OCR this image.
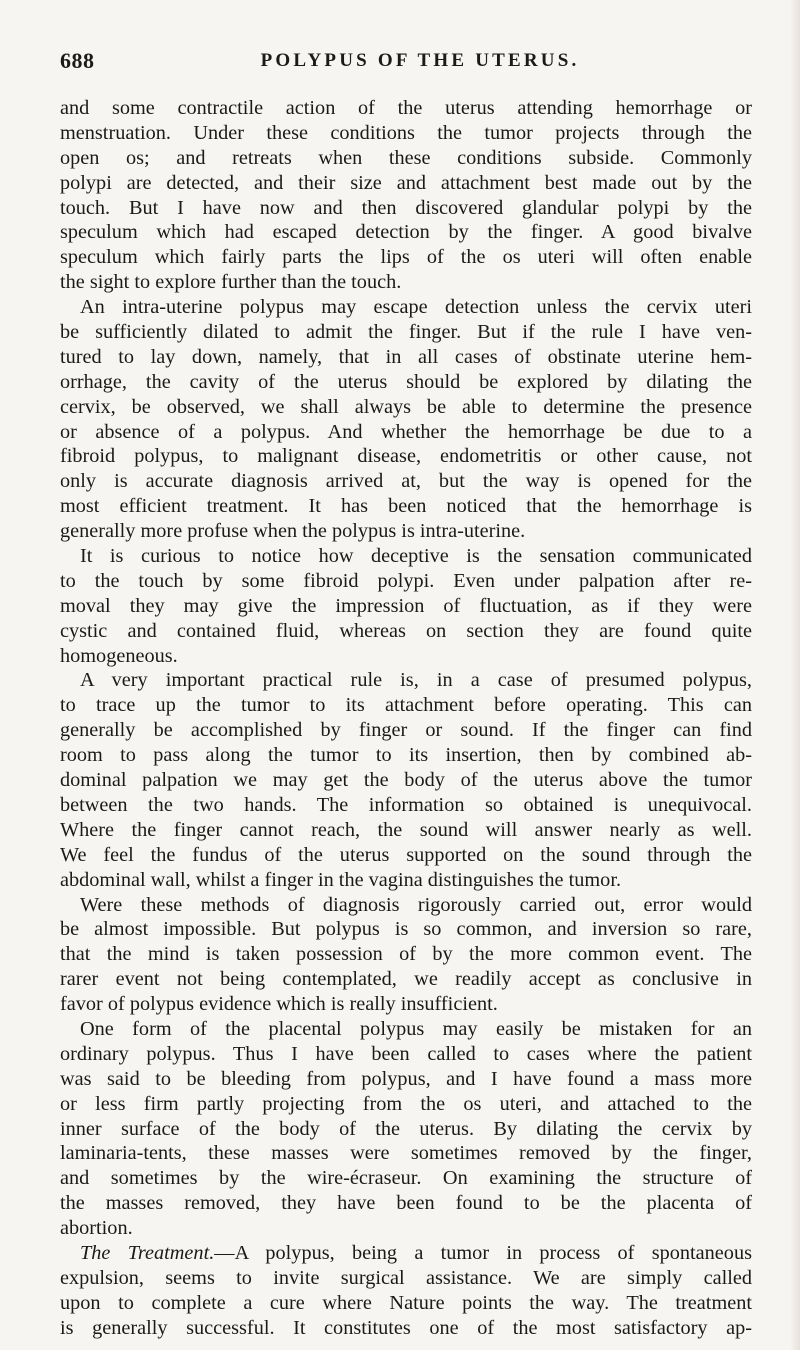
688	POLYPUS OF THE UTERUS.
and some contractile action of the uterus attending hemorrhage or
menstruation. Under these conditions the tumor projects through the
open os; and retreats when these conditions subside. Commonly
polypi are detected, and their size and attachment best made out by the
touch. But I have now and then discovered glandular polypi by the
speculum which had escaped detection by the finger. A good bivalve
speculum which fairly parts the lips of the os uteri will often enable
the sight to explore further than the touch.
An intra-uterine polypus may escape detection unless the cervix uteri
be sufficiently dilated to admit the finger. But if the rule I have ven-
tured to lay down, namely, that in all cases of obstinate uterine hem-
orrhage, the cavity of the uterus should be explored by dilating the
cervix, be observed, we shall always be able to determine the presence
or absence of a polypus. And whether the hemorrhage be due to a
fibroid polypus, to malignant disease, endometritis or other cause, not
only is accurate diagnosis arrived at, but the way is opened for the
most efficient treatment. It has been noticed that the hemorrhage is
generally more profuse when the polypus is intra-uterine.
It is curious to notice how deceptive is the sensation communicated
to the touch by some fibroid polypi. Even under palpation after re-
moval they may give the impression of fluctuation, as if they were
cystic and contained fluid, whereas on section they are found quite
homogeneous.
A very important practical rule is, in a case of presumed polypus,
to trace up the tumor to its attachment before operating. This can
generally be accomplished by finger or sound. If the finger can find
room to pass along the tumor to its insertion, then by combined ab-
dominal palpation we may get the body of the uterus above the tumor
between the two hands. The information so obtained is unequivocal.
Where the finger cannot reach, the sound will answer nearly as well.
We feel the fundus of the uterus supported on the sound through the
abdominal wall, whilst a finger in the vagina distinguishes the tumor.
Were these methods of diagnosis rigorously carried out, error would
be almost impossible. But polypus is so common, and inversion so rare,
that the mind is taken possession of by the more common event. The
rarer event not being contemplated, we readily accept as conclusive in
favor of polypus evidence which is really insufficient.
One form of the placental polypus may easily be mistaken for an
ordinary polypus. Thus I have been called to cases where the patient
was said to be bleeding from polypus, and I have found a mass more
or less firm partly projecting from the os uteri, and attached to the
inner surface of the body of the uterus. By dilating the cervix by
laminaria-tents, these masses were sometimes removed by the finger,
and sometimes by the wire-écraseur. On examining the structure of
the masses removed, they have been found to be the placenta of
abortion.
The Treatment.—A polypus, being a tumor in process of spontaneous
expulsion, seems to invite surgical assistance. We are simply called
upon to complete a cure where Nature points the way. The treatment
is generally successful. It constitutes one of the most satisfactory ap-
